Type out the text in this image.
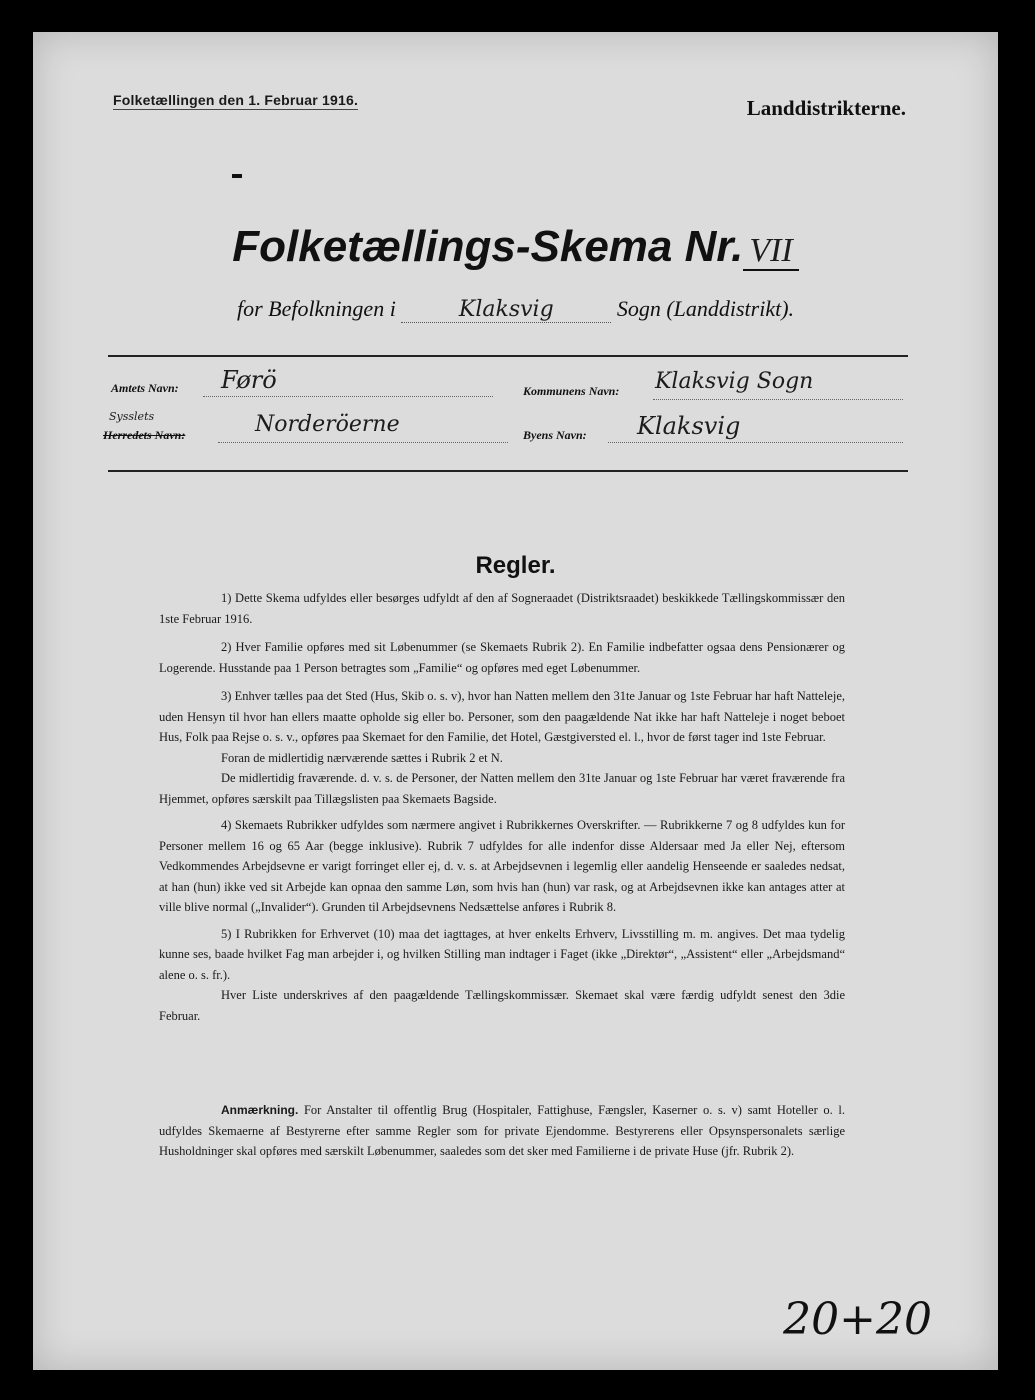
Folketællingen den 1. Februar 1916.	Landdistrikterne.
Folketællings-Skema Nr. VII
for Befolkningen i	Klaksvig	Sogn (Landdistrikt).
Amtets Navn: Førö	Kommunens Navn: Klaksvig Sogn
Sysslets
Herredets Navn:	Norderöerne	Byens Navn: Klaksvig
Regler.

1) Dette Skema udfyldes eller besørges udfyldt af den af Sogneraadet (Distriktsraadet) beskikkede Tællingskommissær den 1ste Februar 1916.

2) Hver Familie opføres med sit Løbenummer (se Skemaets Rubrik 2). En Familie indbefatter ogsaa dens Pensionærer og Logerende. Husstande paa 1 Person betragtes som „Familie“ og opføres med eget Løbenummer.

3) Enhver tælles paa det Sted (Hus, Skib o. s. v), hvor han Natten mellem den 31te Januar og 1ste Februar har haft Natteleje, uden Hensyn til hvor han ellers maatte opholde sig eller bo. Personer, som den paagældende Nat ikke har haft Natteleje i noget beboet Hus, Folk paa Rejse o. s. v., opføres paa Skemaet for den Familie, det Hotel, Gæstgiversted el. l., hvor de først tager ind 1ste Februar.

Foran de midlertidig nærværende sættes i Rubrik 2 et N.

De midlertidig fraværende. d. v. s. de Personer, der Natten mellem den 31te Januar og 1ste Februar har været fraværende fra Hjemmet, opføres særskilt paa Tillægslisten paa Skemaets Bagside.

4) Skemaets Rubrikker udfyldes som nærmere angivet i Rubrikkernes Overskrifter. — Rubrikkerne 7 og 8 udfyldes kun for Personer mellem 16 og 65 Aar (begge inklusive). Rubrik 7 udfyldes for alle indenfor disse Aldersaar med Ja eller Nej, eftersom Vedkommendes Arbejdsevne er varigt forringet eller ej, d. v. s. at Arbejdsevnen i legemlig eller aandelig Henseende er saaledes nedsat, at han (hun) ikke ved sit Arbejde kan opnaa den samme Løn, som hvis han (hun) var rask, og at Arbejdsevnen ikke kan antages atter at ville blive normal („Invalider“). Grunden til Arbejdsevnens Nedsættelse anføres i Rubrik 8.

5) I Rubrikken for Erhvervet (10) maa det iagttages, at hver enkelts Erhverv, Livsstilling m. m. angives. Det maa tydelig kunne ses, baade hvilket Fag man arbejder i, og hvilken Stilling man indtager i Faget (ikke „Direktør“, „Assistent“ eller „Arbejdsmand“ alene o. s. fr.).

Hver Liste underskrives af den paagældende Tællingskommissær. Skemaet skal være færdig udfyldt senest den 3die Februar.

Anmærkning. For Anstalter til offentlig Brug (Hospitaler, Fattighuse, Fængsler, Kaserner o. s. v) samt Hoteller o. l. udfyldes Skemaerne af Bestyrerne efter samme Regler som for private Ejendomme. Bestyrerens eller Opsynspersonalets særlige Husholdninger skal opføres med særskilt Løbenummer, saaledes som det sker med Familierne i de private Huse (jfr. Rubrik 2).

20+20
